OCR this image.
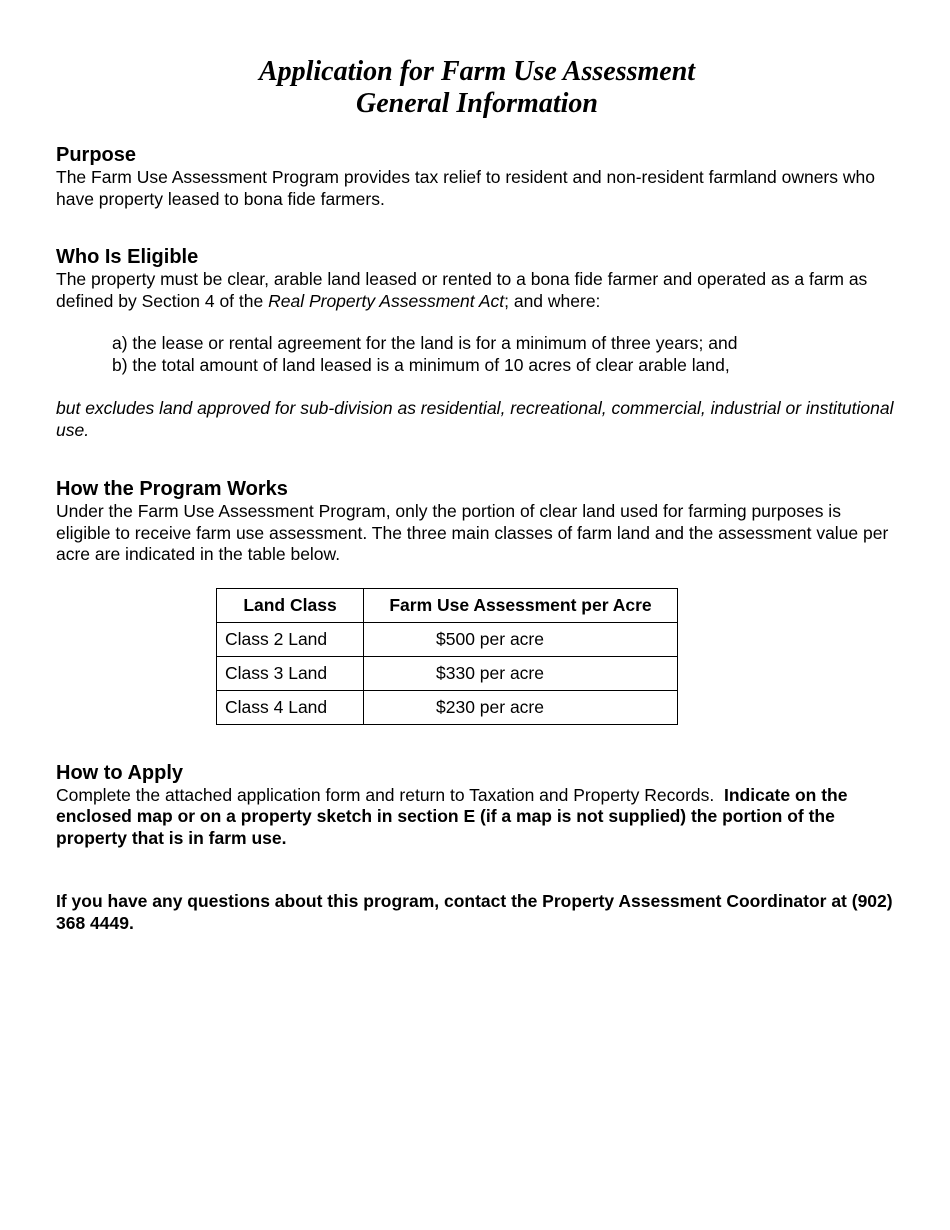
Application for Farm Use Assessment
General Information
Purpose

The Farm Use Assessment Program provides tax relief to resident and non-resident farmland owners who have property leased to bona fide farmers.

Who Is Eligible

The property must be clear, arable land leased or rented to a bona fide farmer and operated as a farm as defined by Section 4 of the Real Property Assessment Act; and where:

a) the lease or rental agreement for the land is for a minimum of three years; and

b) the total amount of land leased is a minimum of 10 acres of clear arable land,

but excludes land approved for sub-division as residential, recreational, commercial, industrial or institutional use.

How the Program Works

Under the Farm Use Assessment Program, only the portion of clear land used for farming purposes is eligible to receive farm use assessment. The three main classes of farm land and the assessment value per acre are indicated in the table below.

Land Class	Farm Use Assessment per Acre
Class 2 Land	$500 per acre
Class 3 Land	$330 per acre
Class 4 Land	$230 per acre
How to Apply

Complete the attached application form and return to Taxation and Property Records.  Indicate on the enclosed map or on a property sketch in section E (if a map is not supplied) the portion of the property that is in farm use.

If you have any questions about this program, contact the Property Assessment Coordinator at (902) 368 4449.
